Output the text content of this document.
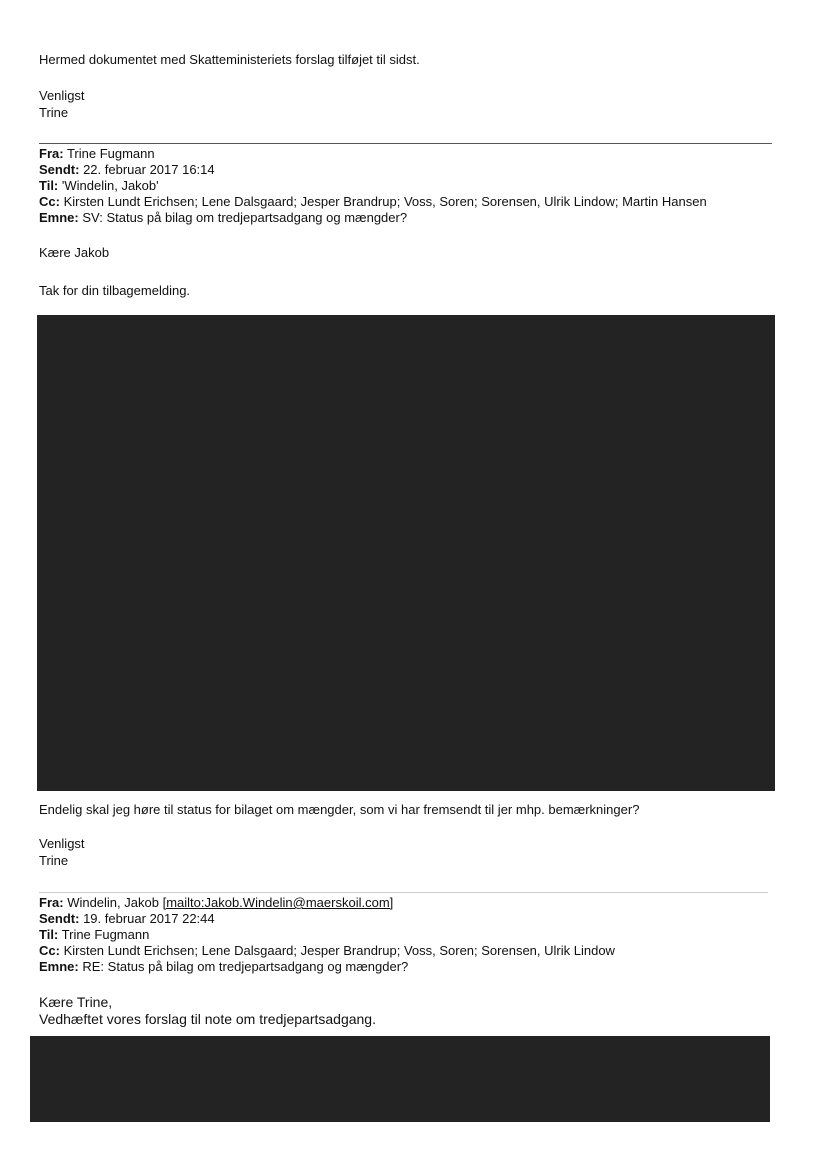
Hermed dokumentet med Skatteministeriets forslag tilføjet til sidst.
Venligst
Trine
Fra: Trine Fugmann
Sendt: 22. februar 2017 16:14
Til: 'Windelin, Jakob'
Cc: Kirsten Lundt Erichsen; Lene Dalsgaard; Jesper Brandrup; Voss, Soren; Sorensen, Ulrik Lindow; Martin Hansen
Emne: SV: Status på bilag om tredjepartsadgang og mængder?
Kære Jakob
Tak for din tilbagemelding.
Endelig skal jeg høre til status for bilaget om mængder, som vi har fremsendt til jer mhp. bemærkninger?
Venligst
Trine
Fra: Windelin, Jakob [mailto:Jakob.Windelin@maerskoil.com]
Sendt: 19. februar 2017 22:44
Til: Trine Fugmann
Cc: Kirsten Lundt Erichsen; Lene Dalsgaard; Jesper Brandrup; Voss, Soren; Sorensen, Ulrik Lindow
Emne: RE: Status på bilag om tredjepartsadgang og mængder?
Kære Trine,
Vedhæftet vores forslag til note om tredjepartsadgang.
